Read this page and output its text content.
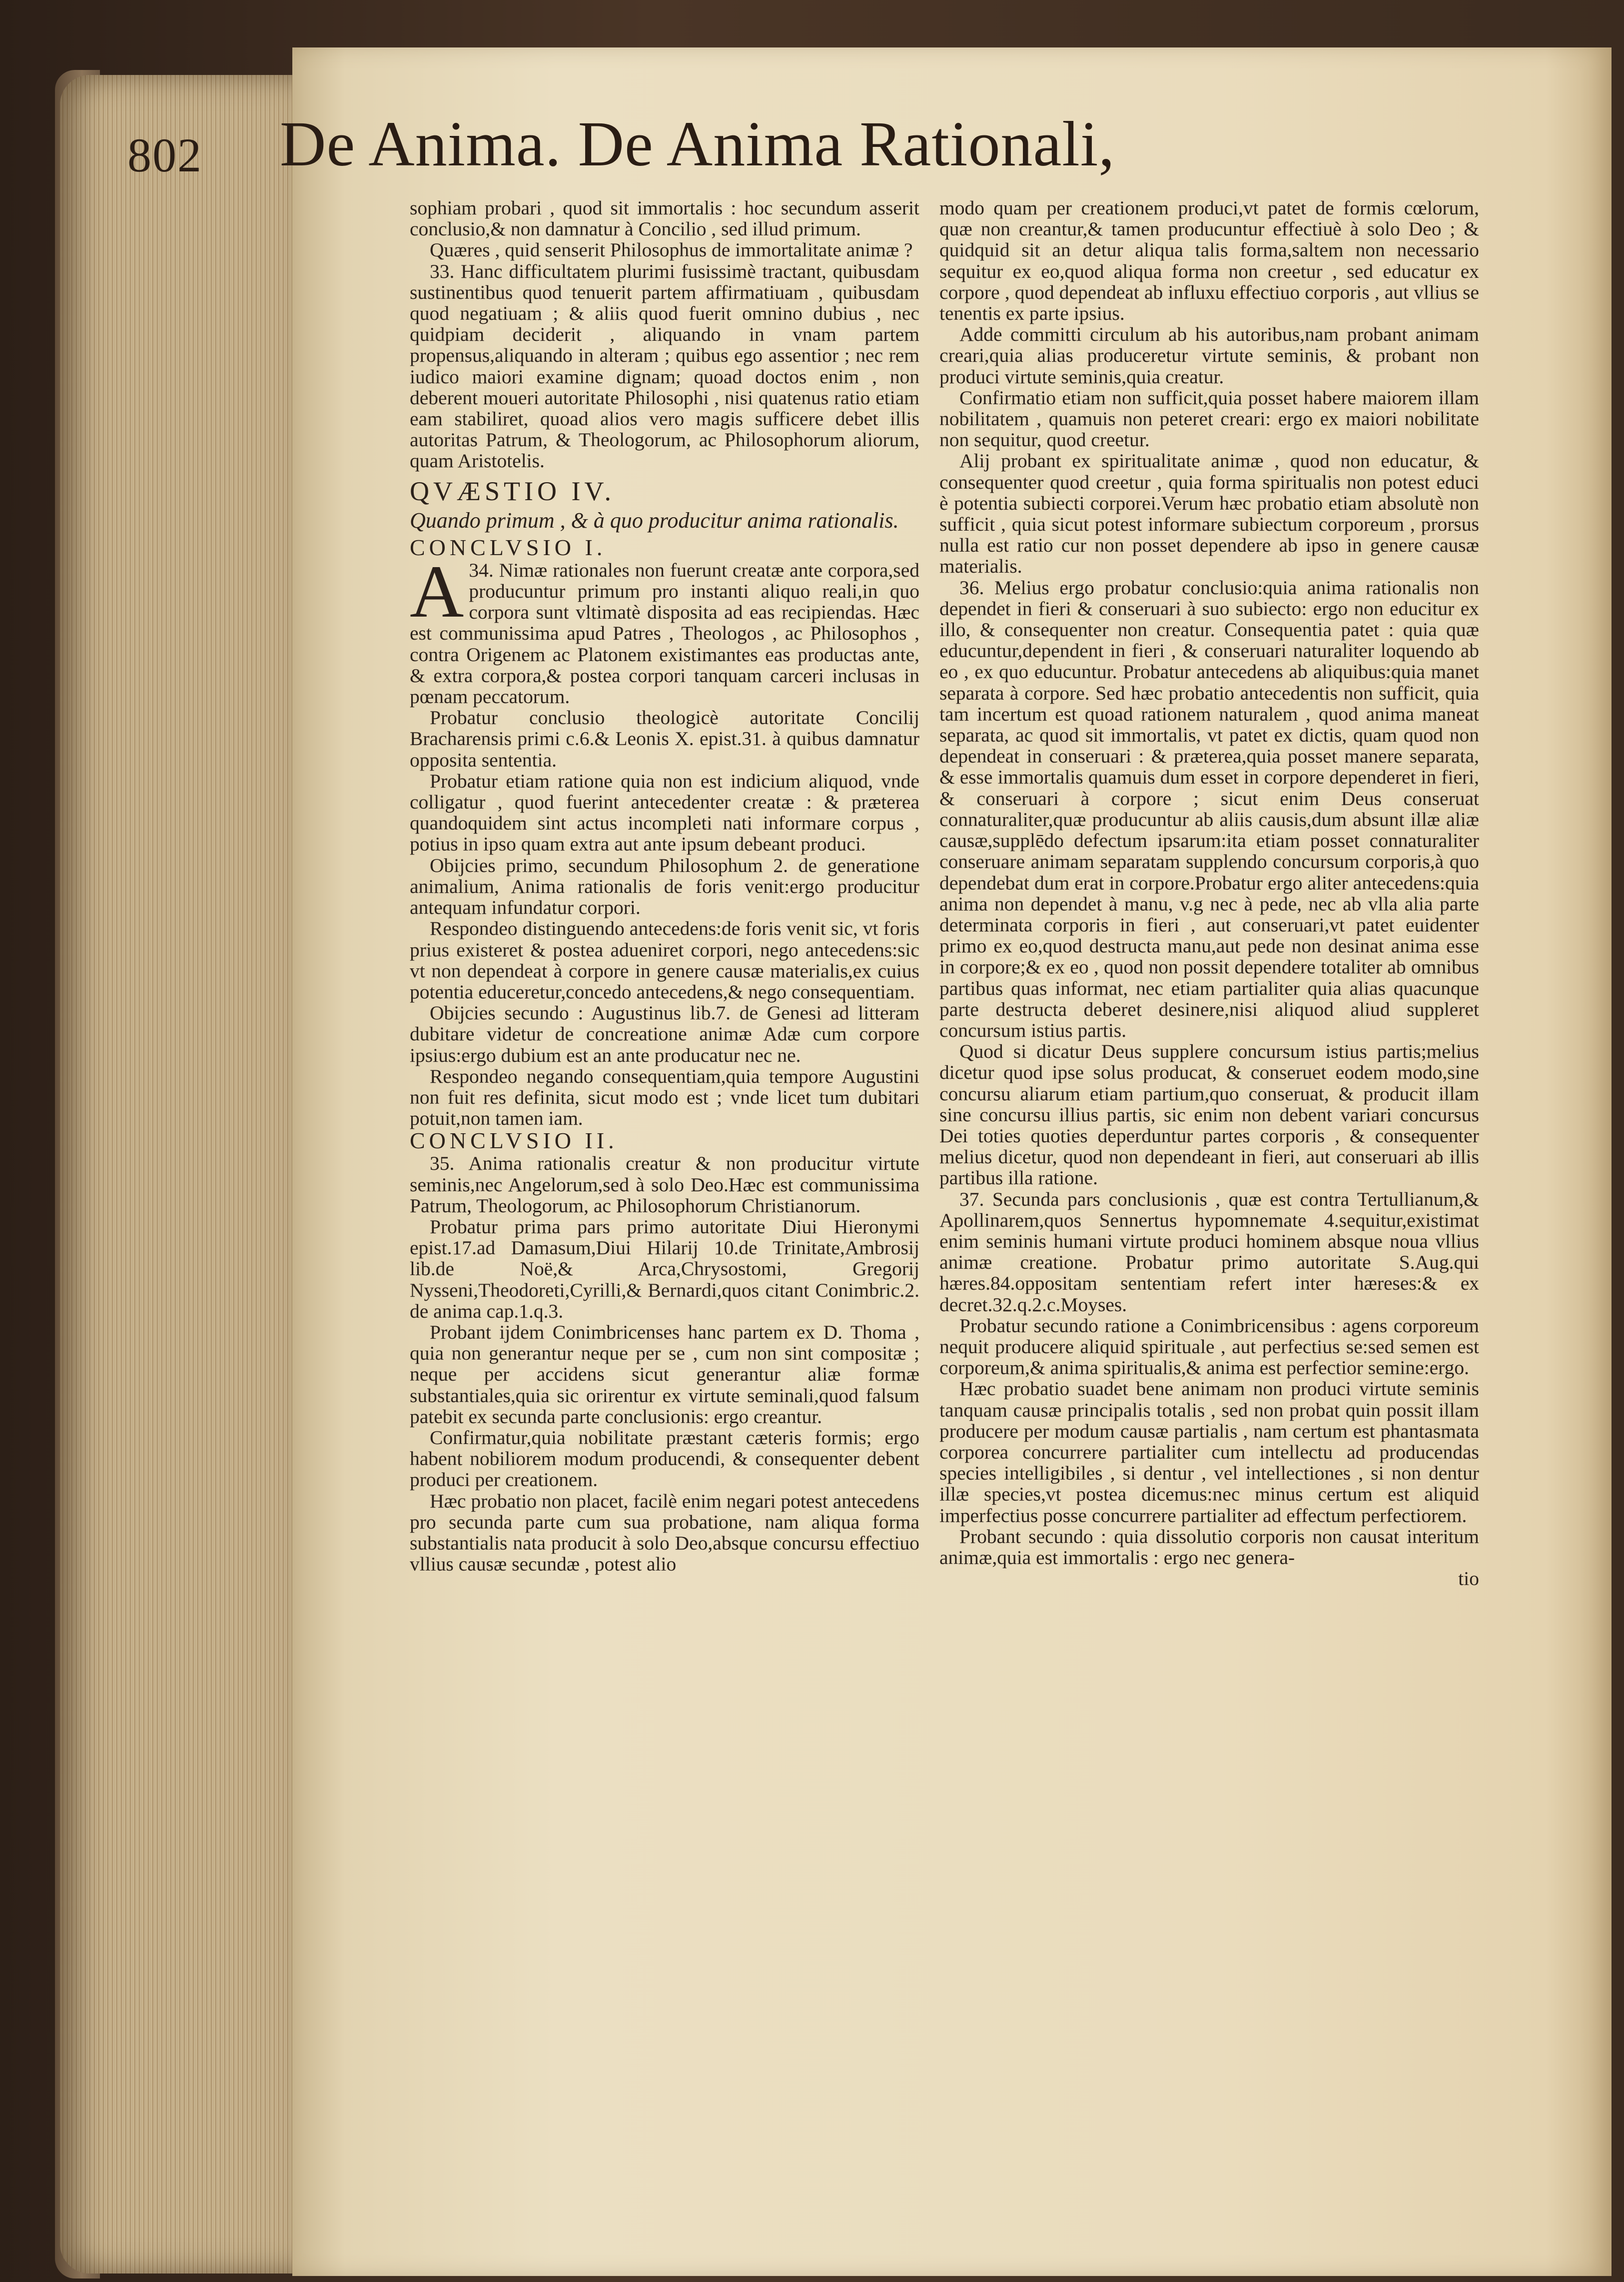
802 De Anima. De Anima Rationali,

sophiam probari , quod sit immortalis : hoc secundum asserit conclusio,& non damnatur à Concilio , sed illud primum.

Quæres , quid senserit Philosophus de immortalitate animæ ?

33. Hanc difficultatem plurimi fusissimè tractant, quibusdam sustinentibus quod tenuerit partem affirmatiuam , quibusdam quod negatiuam ; & aliis quod fuerit omnino dubius , nec quidpiam deciderit , aliquando in vnam partem propensus,aliquando in alteram ; quibus ego assentior ; nec rem iudico maiori examine dignam; quoad doctos enim , non deberent moueri autoritate Philosophi , nisi quatenus ratio etiam eam stabiliret, quoad alios vero magis sufficere debet illis autoritas Patrum, & Theologorum, ac Philosophorum aliorum, quam Aristotelis.

QVÆSTIO IV.

Quando primum , & à quo producitur anima rationalis.

CONCLVSIO I.

34.
A Nimæ rationales non fuerunt creatæ ante corpora,sed producuntur primum pro instanti aliquo reali,in quo corpora sunt vltimatè disposita ad eas recipiendas. Hæc est communissima apud Patres , Theologos , ac Philosophos , contra Origenem ac Platonem existimantes eas productas ante, & extra corpora,& postea corpori tanquam carceri inclusas in pœnam peccatorum.

Probatur conclusio theologicè autoritate Concilij Bracharensis primi c.6.& Leonis X. epist.31. à quibus damnatur opposita sententia.

Probatur etiam ratione quia non est indicium aliquod, vnde colligatur , quod fuerint antecedenter creatæ : & præterea quandoquidem sint actus incompleti nati informare corpus , potius in ipso quam extra aut ante ipsum debeant produci.

Obijcies primo, secundum Philosophum 2. de generatione animalium, Anima rationalis de foris venit:ergo producitur antequam infundatur corpori.

Respondeo distinguendo antecedens:de foris venit sic, vt foris prius existeret & postea adueniret corpori, nego antecedens:sic vt non dependeat à corpore in genere causæ materialis,ex cuius potentia educeretur,concedo antecedens,& nego consequentiam.

Obijcies secundo : Augustinus lib.7. de Genesi ad litteram dubitare videtur de concreatione animæ Adæ cum corpore ipsius:ergo dubium est an ante producatur nec ne.

Respondeo negando consequentiam,quia tempore Augustini non fuit res definita, sicut modo est ; vnde licet tum dubitari potuit,non tamen iam.

CONCLVSIO II.

35. Anima rationalis creatur & non producitur virtute seminis,nec Angelorum,sed à solo Deo.Hæc est communissima Patrum, Theologorum, ac Philosophorum Christianorum.

Probatur prima pars primo autoritate Diui Hieronymi epist.17.ad Damasum,Diui Hilarij 10.de Trinitate,Ambrosij lib.de Noë,& Arca,Chrysostomi, Gregorij Nysseni,Theodoreti,Cyrilli,& Bernardi,quos citant Conimbric.2. de anima cap.1.q.3.

Probant ijdem Conimbricenses hanc partem ex D. Thoma , quia non generantur neque per se , cum non sint compositæ ; neque per accidens sicut generantur aliæ formæ substantiales,quia sic orirentur ex virtute seminali,quod falsum patebit ex secunda parte conclusionis: ergo creantur.

Confirmatur,quia nobilitate præstant cæteris formis; ergo habent nobiliorem modum producendi, & consequenter debent produci per creationem.

Hæc probatio non placet, facilè enim negari potest antecedens pro secunda parte cum sua probatione, nam aliqua forma substantialis nata producit à solo Deo,absque concursu effectiuo vllius causæ secundæ , potest alio

modo quam per creationem produci,vt patet de formis cœlorum, quæ non creantur,& tamen producuntur effectiuè à solo Deo ; & quidquid sit an detur aliqua talis forma,saltem non necessario sequitur ex eo,quod aliqua forma non creetur , sed educatur ex corpore , quod dependeat ab influxu effectiuo corporis , aut vllius se tenentis ex parte ipsius.

Adde committi circulum ab his autoribus,nam probant animam creari,quia alias produceretur virtute seminis, & probant non produci virtute seminis,quia creatur.

Confirmatio etiam non sufficit,quia posset habere maiorem illam nobilitatem , quamuis non peteret creari: ergo ex maiori nobilitate non sequitur, quod creetur.

Alij probant ex spiritualitate animæ , quod non educatur, & consequenter quod creetur , quia forma spiritualis non potest educi è potentia subiecti corporei.Verum hæc probatio etiam absolutè non sufficit , quia sicut potest informare subiectum corporeum , prorsus nulla est ratio cur non posset dependere ab ipso in genere causæ materialis.

36. Melius ergo probatur conclusio:quia anima rationalis non dependet in fieri & conseruari à suo subiecto: ergo non educitur ex illo, & consequenter non creatur. Consequentia patet : quia quæ educuntur,dependent in fieri , & conseruari naturaliter loquendo ab eo , ex quo educuntur. Probatur antecedens ab aliquibus:quia manet separata à corpore. Sed hæc probatio antecedentis non sufficit, quia tam incertum est quoad rationem naturalem , quod anima maneat separata, ac quod sit immortalis, vt patet ex dictis, quam quod non dependeat in conseruari : & præterea,quia posset manere separata, & esse immortalis quamuis dum esset in corpore dependeret in fieri, & conseruari à corpore ; sicut enim Deus conseruat connaturaliter,quæ producuntur ab aliis causis,dum absunt illæ aliæ causæ,supplēdo defectum ipsarum:ita etiam posset connaturaliter conseruare animam separatam supplendo concursum corporis,à quo dependebat dum erat in corpore.Probatur ergo aliter antecedens:quia anima non dependet à manu, v.g nec à pede, nec ab vlla alia parte determinata corporis in fieri , aut conseruari,vt patet euidenter primo ex eo,quod destructa manu,aut pede non desinat anima esse in corpore;& ex eo , quod non possit dependere totaliter ab omnibus partibus quas informat, nec etiam partialiter quia alias quacunque parte destructa deberet desinere,nisi aliquod aliud suppleret concursum istius partis.

Quod si dicatur Deus supplere concursum istius partis;melius dicetur quod ipse solus producat, & conseruet eodem modo,sine concursu aliarum etiam partium,quo conseruat, & producit illam sine concursu illius partis, sic enim non debent variari concursus Dei toties quoties deperduntur partes corporis , & consequenter melius dicetur, quod non dependeant in fieri, aut conseruari ab illis partibus illa ratione.

37. Secunda pars conclusionis , quæ est contra Tertullianum,& Apollinarem,quos Sennertus hypomnemate 4.sequitur,existimat enim seminis humani virtute produci hominem absque noua vllius animæ creatione. Probatur primo autoritate S.Aug.qui hæres.84.oppositam sententiam refert inter hæreses:& ex decret.32.q.2.c.Moyses.

Probatur secundo ratione a Conimbricensibus : agens corporeum nequit producere aliquid spirituale , aut perfectius se:sed semen est corporeum,& anima spiritualis,& anima est perfectior semine:ergo.

Hæc probatio suadet bene animam non produci virtute seminis tanquam causæ principalis totalis , sed non probat quin possit illam producere per modum causæ partialis , nam certum est phantasmata corporea concurrere partialiter cum intellectu ad producendas species intelligibiles , si dentur , vel intellectiones , si non dentur illæ species,vt postea dicemus:nec minus certum est aliquid imperfectius posse concurrere partialiter ad effectum perfectiorem.

Probant secundo : quia dissolutio corporis non causat interitum animæ,quia est immortalis : ergo nec genera-

tio
